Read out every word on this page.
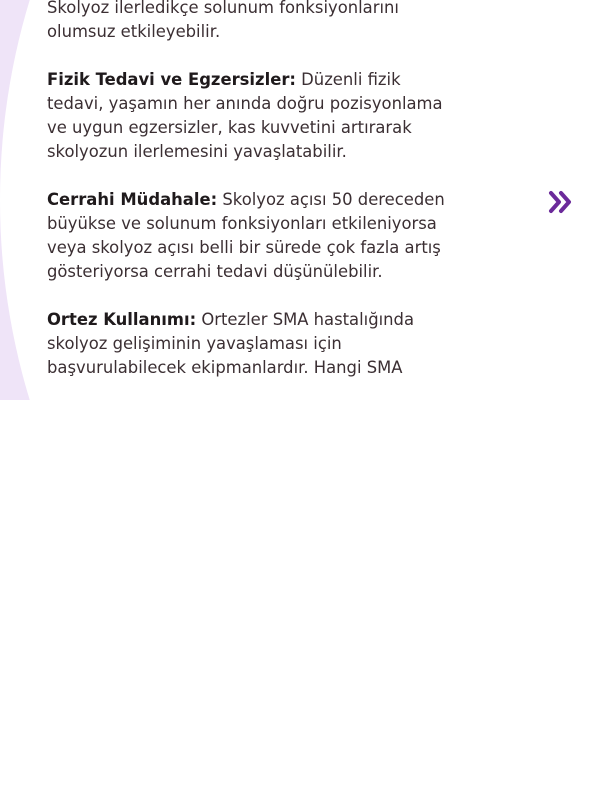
Skolyoz ilerledikçe solunum fonksiyonlarını olumsuz etkileyebilir.

Fizik Tedavi ve Egzersizler: Düzenli fizik tedavi, yaşamın her anında doğru pozisyonlama ve uygun egzersizler, kas kuvvetini artırarak skolyozun ilerlemesini yavaşlatabilir.

Cerrahi Müdahale: Skolyoz açısı 50 dereceden büyükse ve solunum fonksiyonları etkileniyorsa veya skolyoz açısı belli bir sürede çok fazla artış gösteriyorsa cerrahi tedavi düşünülebilir.

Ortez Kullanımı: Ortezler SMA hastalığında skolyoz gelişiminin yavaşlaması için başvurulabilecek ekipmanlardır. Hangi SMA
